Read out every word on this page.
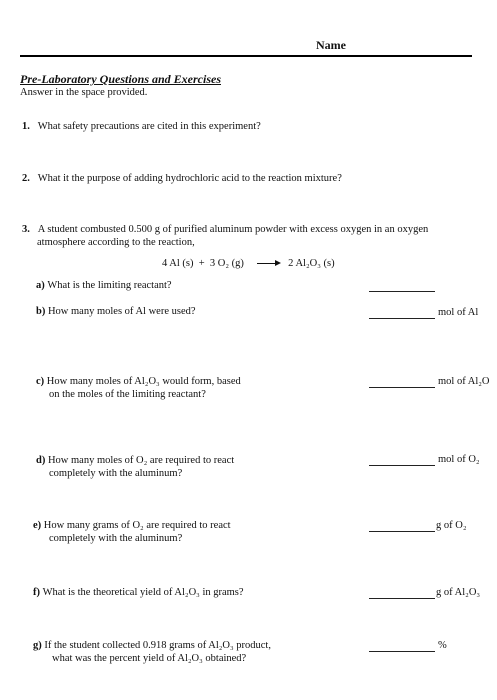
Name
Pre-Laboratory Questions and Exercises
Answer in the space provided.
1. What safety precautions are cited in this experiment?
2. What it the purpose of adding hydrochloric acid to the reaction mixture?
3. A student combusted 0.500 g of purified aluminum powder with excess oxygen in an oxygen
atmosphere according to the reaction,
4 Al (s) + 3 O₂ (g) → 2 Al₂O₃ (s)
a) What is the limiting reactant?
b) How many moles of Al were used?	mol of Al
c) How many moles of Al₂O₃ would form, based
on the moles of the limiting reactant?
mol of Al₂O
d) How many moles of O₂ are required to react
completely with the aluminum?
mol of O₂
e) How many grams of O₂ are required to react
completely with the aluminum?
g of O₂
f) What is the theoretical yield of Al₂O₃ in grams?	g of Al₂O₃
g) If the student collected 0.918 grams of Al₂O₃ product,
what was the percent yield of Al₂O₃ obtained?
%
